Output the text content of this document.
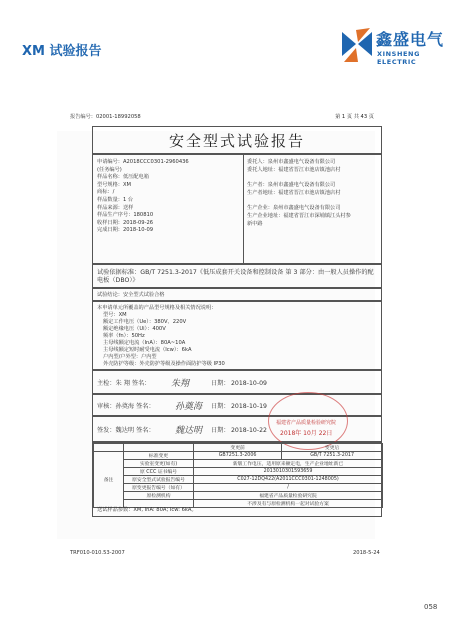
XM 试验报告
鑫盛电气
XINSHENG ELECTRIC
报告编号：02001-18992058	第 1 页 共 43 页
安全型式试验报告
申请编号：A2018CCC0301-2960436
(任务编号)
样品名称：低压配电箱
型号规格：XM
商标：/
样品数量：1 台
样品来源：送样
样品生产序号：180810
收样日期：2018-09-26
完成日期：2018-10-09
委托人：泉州市鑫盛电气设备有限公司
委托人地址：福建省晋江市池店镇池店村
生产者：泉州市鑫盛电气设备有限公司
生产者地址：福建省晋江市池店镇池店村
生产企业：泉州市鑫盛电气设备有限公司
生产企业地址：福建省晋江市深埔镇江头村参
新中路
试验依据标准：GB/T 7251.3-2017《低压成套开关设备和控制设备 第 3 部分：由一般人员操作的配电板（DBO）》
试验结论：安全型式试验合格
本申请单元所覆盖的产品型号规格及相关情况说明：
型号：XM
额定工作电压（Ue）：380V、220V
额定绝缘电压（Ui）：400V
频率（fn）：50Hz
主母线额定电流（InA）：80A~10A
主母线额定短时耐受电流（Icw）：6kA
户内型/户外型：户内型
外壳防护等级：外壳防护等级及操作面防护等级 IP30
主检：朱 翔 签名： 朱翔	日期： 2018-10-09
审核：孙奠海 签名： 孙奠海 日期： 2018-10-19
签发：魏达明 签名： 魏达明 日期： 2018-10-22
福建省产品质量检验研究院
2018年 10月 22日
		变更前	变更后
备注	标准变更	GB7251.3-2006	GB/T 7251.3-2017
	实验室变更(如有)	新版工作电压，适用原来额定电，生产企业地址新已	
	原 CCC 证书编号	2013010301593659	
	原安全型式试验报告编号	C027-12DQ422(A2011CCC0301-1248005)	
	原变更报告编号（如有）	/	
	原检测机构	福建省产品质量检验研究院	
		不涉及有与原检测机构一起对试验方案	
送试样品参数：XM, InA: 80A; Icw: 6kA。
TRF010-010.53-2007	2018-5-24
058
